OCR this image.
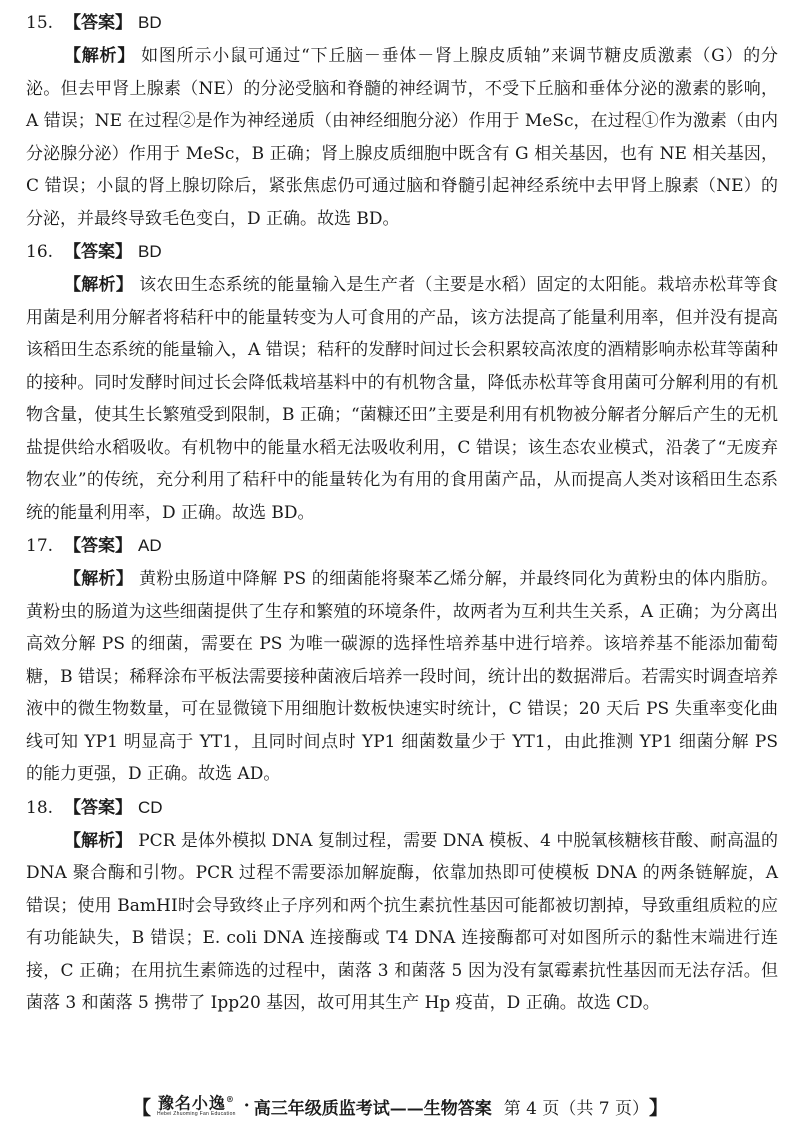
15. 【答案】 BD

【解析】 如图所示小鼠可通过“下丘脑－垂体－肾上腺皮质轴”来调节糖皮质激素（G）的分泌。但去甲肾上腺素（NE）的分泌受脑和脊髓的神经调节，不受下丘脑和垂体分泌的激素的影响，A 错误；NE 在过程②是作为神经递质（由神经细胞分泌）作用于 MeSc，在过程①作为激素（由内分泌腺分泌）作用于 MeSc，B 正确；肾上腺皮质细胞中既含有 G 相关基因，也有 NE 相关基因，C 错误；小鼠的肾上腺切除后，紧张焦虑仍可通过脑和脊髓引起神经系统中去甲肾上腺素（NE）的分泌，并最终导致毛色变白，D 正确。故选 BD。

16. 【答案】 BD

【解析】 该农田生态系统的能量输入是生产者（主要是水稻）固定的太阳能。栽培赤松茸等食用菌是利用分解者将秸秆中的能量转变为人可食用的产品，该方法提高了能量利用率，但并没有提高该稻田生态系统的能量输入，A 错误；秸秆的发酵时间过长会积累较高浓度的酒精影响赤松茸等菌种的接种。同时发酵时间过长会降低栽培基料中的有机物含量，降低赤松茸等食用菌可分解利用的有机物含量，使其生长繁殖受到限制，B 正确；“菌糠还田”主要是利用有机物被分解者分解后产生的无机盐提供给水稻吸收。有机物中的能量水稻无法吸收利用，C 错误；该生态农业模式，沿袭了“无废弃物农业”的传统，充分利用了秸秆中的能量转化为有用的食用菌产品，从而提高人类对该稻田生态系统的能量利用率，D 正确。故选 BD。

17. 【答案】 AD

【解析】 黄粉虫肠道中降解 PS 的细菌能将聚苯乙烯分解，并最终同化为黄粉虫的体内脂肪。黄粉虫的肠道为这些细菌提供了生存和繁殖的环境条件，故两者为互利共生关系，A 正确；为分离出高效分解 PS 的细菌，需要在 PS 为唯一碳源的选择性培养基中进行培养。该培养基不能添加葡萄糖，B 错误；稀释涂布平板法需要接种菌液后培养一段时间，统计出的数据滞后。若需实时调查培养液中的微生物数量，可在显微镜下用细胞计数板快速实时统计，C 错误；20 天后 PS 失重率变化曲线可知 YP1 明显高于 YT1，且同时间点时 YP1 细菌数量少于 YT1，由此推测 YP1 细菌分解 PS 的能力更强，D 正确。故选 AD。

18. 【答案】 CD

【解析】 PCR 是体外模拟 DNA 复制过程，需要 DNA 模板、4 中脱氧核糖核苷酸、耐高温的 DNA 聚合酶和引物。PCR 过程不需要添加解旋酶，依靠加热即可使模板 DNA 的两条链解旋，A 错误；使用 BamHⅠ时会导致终止子序列和两个抗生素抗性基因可能都被切割掉，导致重组质粒的应有功能缺失，B 错误；E. coli DNA 连接酶或 T4 DNA 连接酶都可对如图所示的黏性末端进行连接，C 正确；在用抗生素筛选的过程中，菌落 3 和菌落 5 因为没有氯霉素抗性基因而无法存活。但菌落 3 和菌落 5 携带了 Ipp20 基因，故可用其生产 Hp 疫苗，D 正确。故选 CD。

【 豫名小逸®
Hebei Zhuoming Fan Education · 高三年级质监考试——生物答案 第 4 页（共 7 页） 】
